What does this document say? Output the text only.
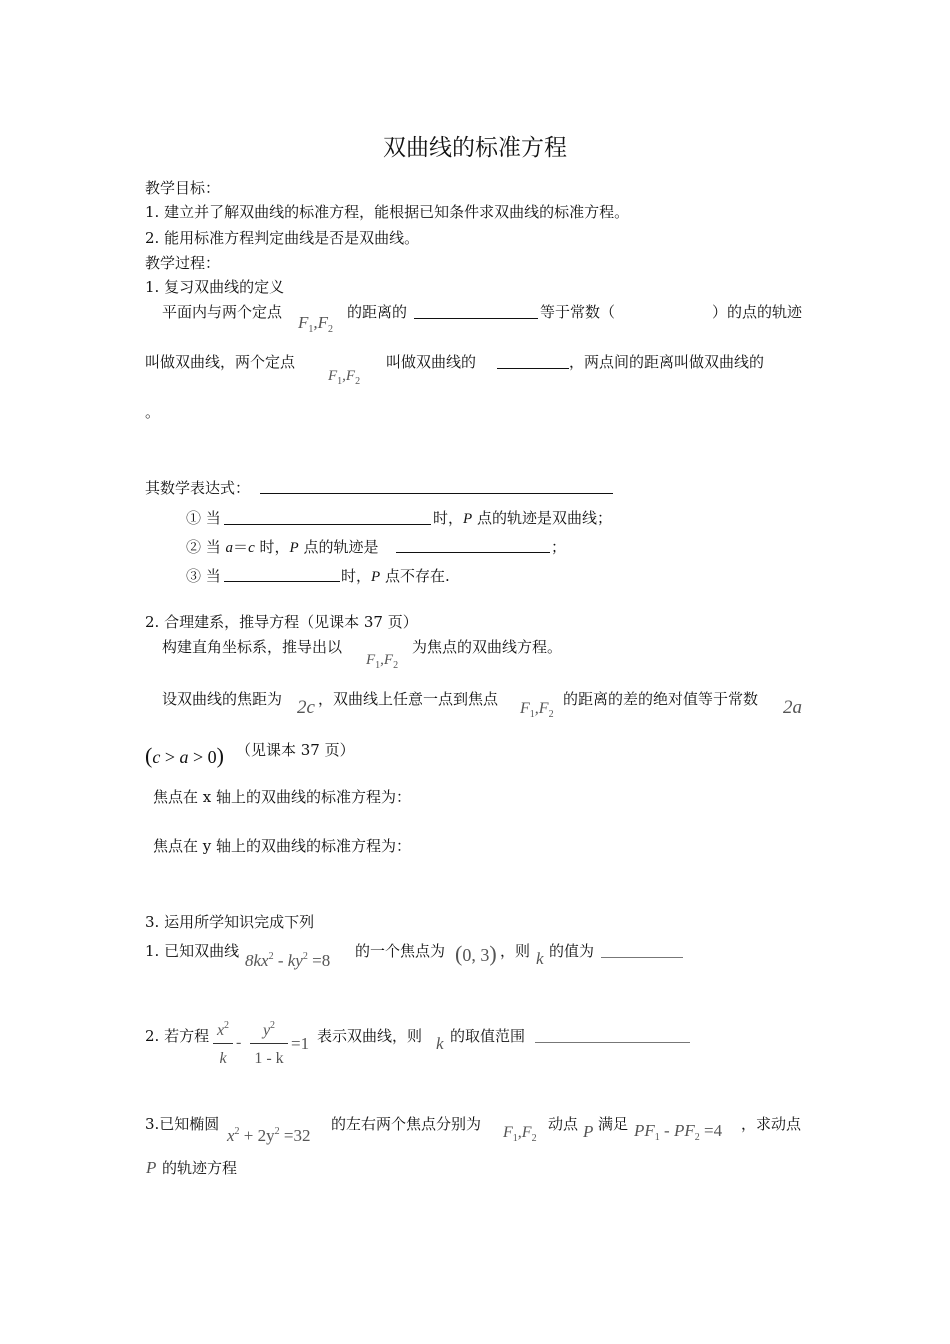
双曲线的标准方程
教学目标：
1. 建立并了解双曲线的标准方程，能根据已知条件求双曲线的标准方程。
2. 能用标准方程判定曲线是否是双曲线。
教学过程：
1. 复习双曲线的定义
平面内与两个定点
$F_1,F_2$
的距离的	等于常数（	）的点的轨迹
叫做双曲线，两个定点
$F_1,F_2$
叫做双曲线的	，两点间的距离叫做双曲线的
。
其数学表达式：
① 当	时，P 点的轨迹是双曲线；
② 当 a＝c 时，P 点的轨迹是	；
③ 当	时，P 点不存在.
2. 合理建系，推导方程（见课本 37 页）
构建直角坐标系，推导出以
$F_1,F_2$
为焦点的双曲线方程。
设双曲线的焦距为 2c ，双曲线上任意一点到焦点
$F_1,F_2$
的距离的差的绝对值等于常数 2a
(c > a > 0) （见课本 37 页）
焦点在 x 轴上的双曲线的标准方程为：
焦点在 y 轴上的双曲线的标准方程为：
3. 运用所学知识完成下列
1. 已知双曲线 $8kx^2 - ky^2 =8$ 的一个焦点为 (0, 3) ，则 k 的值为
2. 若方程 $x^2$
k
-
$y^2$
1 - k
=1 表示双曲线，则 k 的取值范围
3.已知椭圆
$x^2 + 2y^2 =32$
的左右两个焦点分别为 $F_1,F_2$
动点 P 满足 $PF_1 - PF_2 =4$ ，求动点
P 的轨迹方程
